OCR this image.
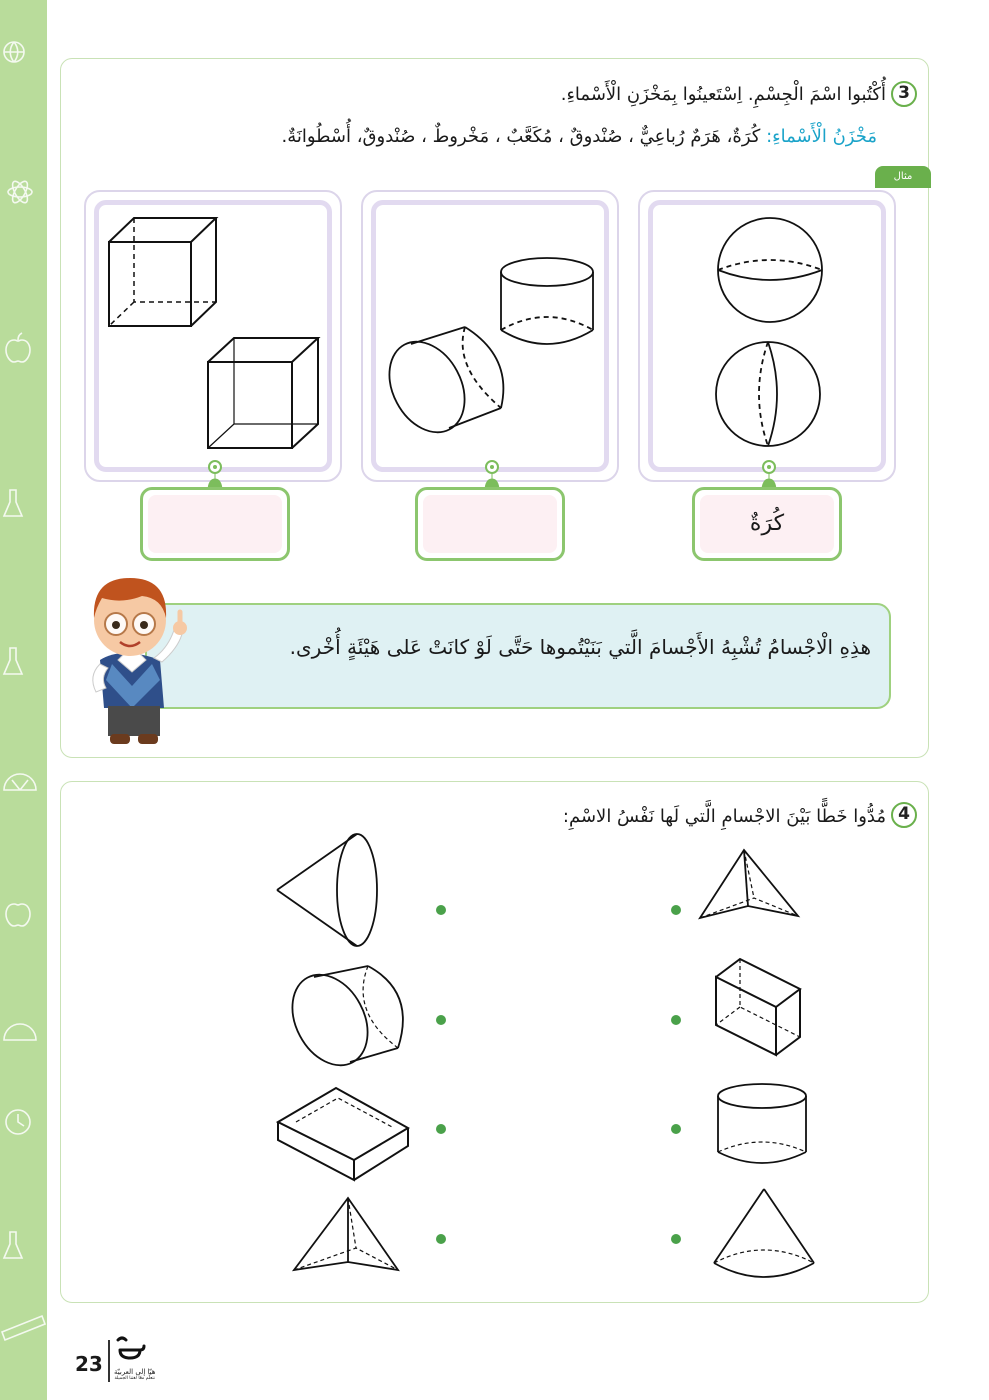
3
أُكْتُبوا اسْمَ الْجِسْمِ. اِسْتَعينُوا بِمَخْزَنِ الْأَسْماءِ.
مَخْزَنُ الْأَسْماءِ: كُرَةٌ، هَرَمٌ رُباعِيٌّ ، صُنْدوقٌ ، مُكَعَّبٌ ، مَخْروطٌ ، صُنْدوقٌ، أُسْطُوانَةٌ.
مثال
كُرَةٌ
هذِهِ الْاجْسامُ تُشْبِهُ الأَجْسامَ الَّتي بَنَيْتُموها حَتَّى لَوْ كانَتْ عَلى هَيْئَةٍ أُخْرى.
4
مُدُّوا خَطًّا بَيْنَ الاجْسامِ الَّتي لَها نَفْسُ الاسْمِ:
23 هيّا إلى العربيّة
نتعلّم معًا لغتنا الجميلة
